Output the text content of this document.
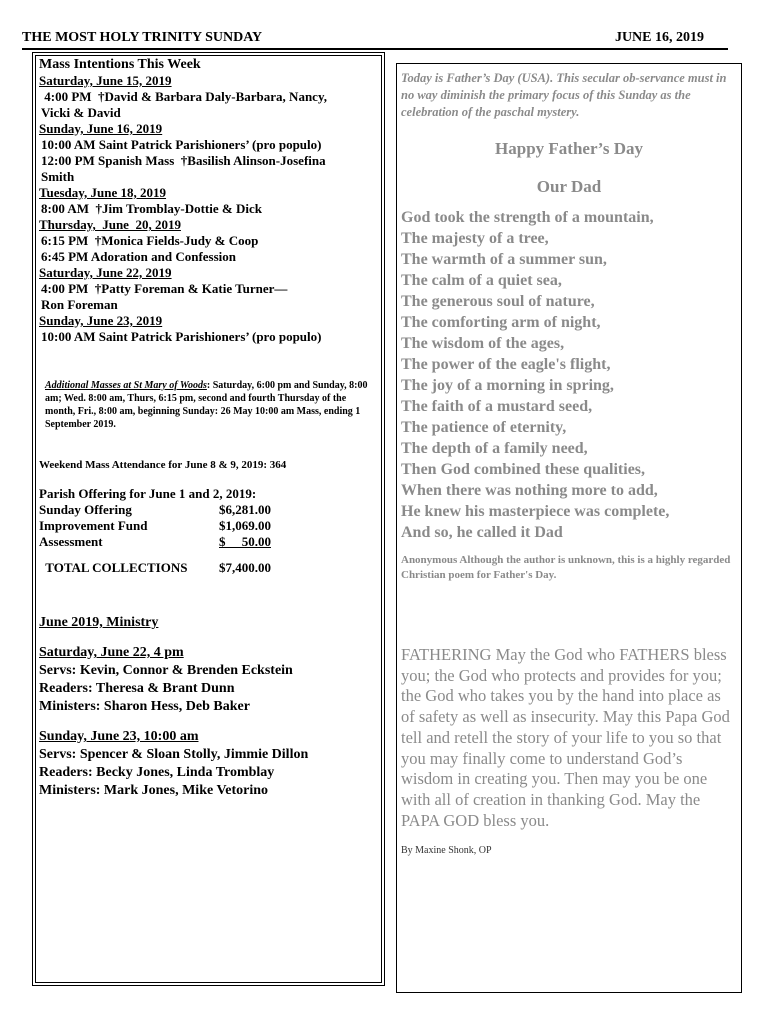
THE MOST HOLY TRINITY SUNDAY	JUNE 16, 2019
Mass Intentions This Week
Saturday, June 15, 2019
4:00 PM  †David & Barbara Daly-Barbara, Nancy,
Vicki & David
Sunday, June 16, 2019
10:00 AM Saint Patrick Parishioners’ (pro populo)
12:00 PM Spanish Mass  †Basilish Alinson-Josefina
Smith
Tuesday, June 18, 2019
8:00 AM  †Jim Tromblay-Dottie & Dick
Thursday,  June  20, 2019
6:15 PM  †Monica Fields-Judy & Coop
6:45 PM Adoration and Confession
Saturday, June 22, 2019
4:00 PM  †Patty Foreman & Katie Turner—
Ron Foreman
Sunday, June 23, 2019
10:00 AM Saint Patrick Parishioners’ (pro populo)
Additional Masses at St Mary of Woods: Saturday, 6:00 pm and Sunday, 8:00 am; Wed. 8:00 am, Thurs, 6:15 pm, second and fourth Thursday of the month, Fri., 8:00 am, beginning Sunday: 26 May 10:00 am Mass, ending 1 September 2019.
Weekend Mass Attendance for June 8 & 9, 2019: 364
Parish Offering for June 1 and 2, 2019:
Sunday Offering	$6,281.00
Improvement Fund	$1,069.00
Assessment	$     50.00
TOTAL COLLECTIONS	$7,400.00
June 2019, Ministry
Saturday, June 22, 4 pm
Servs: Kevin, Connor & Brenden Eckstein
Readers: Theresa & Brant Dunn
Ministers: Sharon Hess, Deb Baker
Sunday, June 23, 10:00 am
Servs: Spencer & Sloan Stolly, Jimmie Dillon
Readers: Becky Jones, Linda Tromblay
Ministers: Mark Jones, Mike Vetorino
Today is Father’s Day (USA). This secular ob-servance must in no way diminish the primary focus of this Sunday as the celebration of the paschal mystery.
Happy Father’s Day
Our Dad
God took the strength of a mountain,
The majesty of a tree,
The warmth of a summer sun,
The calm of a quiet sea,
The generous soul of nature,
The comforting arm of night,
The wisdom of the ages,
The power of the eagle's flight,
The joy of a morning in spring,
The faith of a mustard seed,
The patience of eternity,
The depth of a family need,
Then God combined these qualities,
When there was nothing more to add,
He knew his masterpiece was complete,
And so, he called it Dad
Anonymous Although the author is unknown, this is a highly regarded Christian poem for Father's Day.
FATHERING May the God who FATHERS bless you; the God who protects and provides for you; the God who takes you by the hand into place as of safety as well as insecurity. May this Papa God tell and retell the story of your life to you so that you may finally come to understand God’s wisdom in creating you. Then may you be one with all of creation in thanking God. May the PAPA GOD bless you.
By Maxine Shonk, OP
